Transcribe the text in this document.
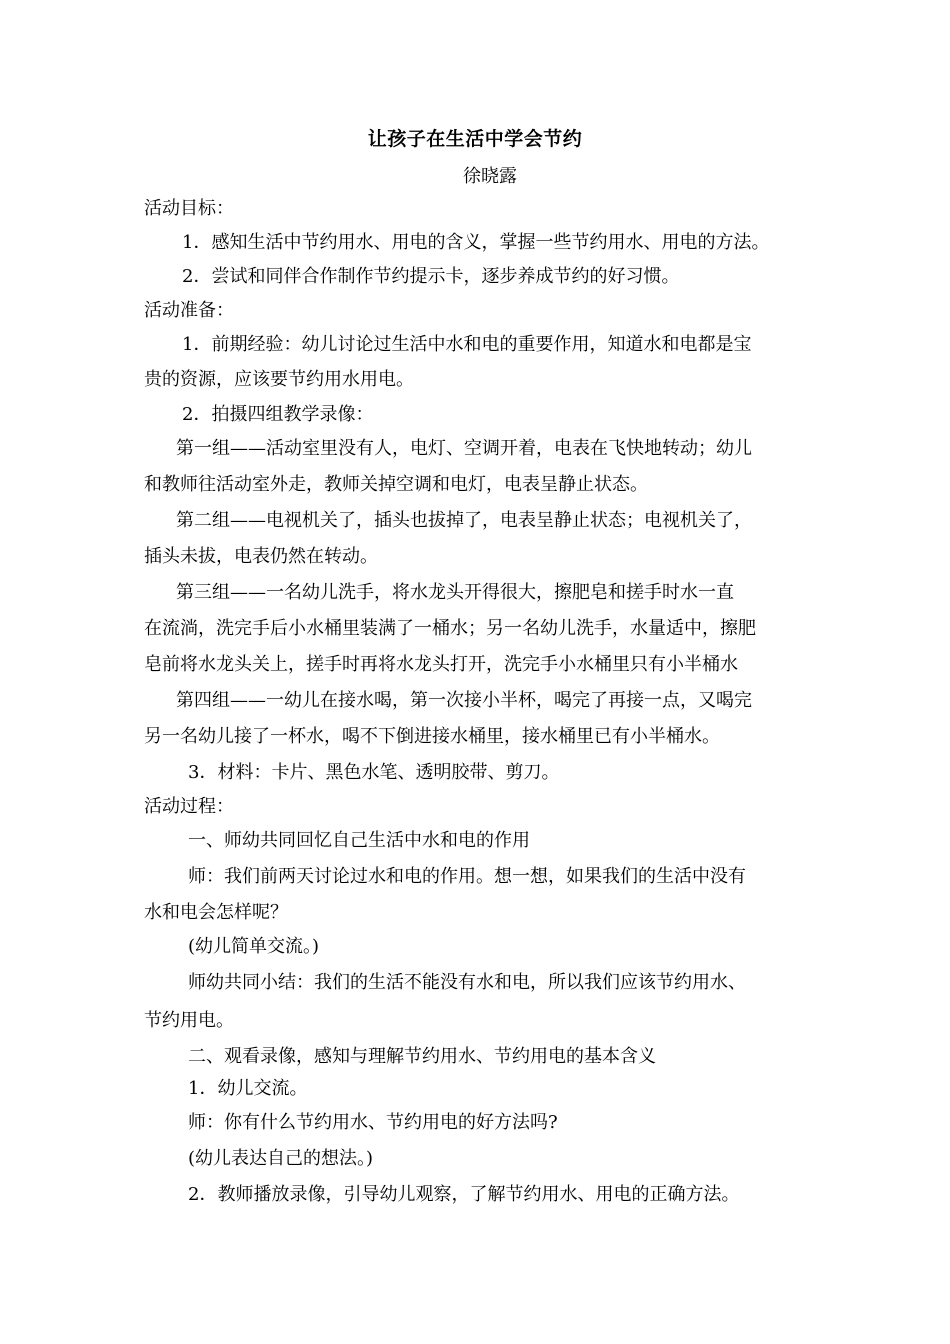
让孩子在生活中学会节约
徐晓露
活动目标：
1．感知生活中节约用水、用电的含义，掌握一些节约用水、用电的方法。
2．尝试和同伴合作制作节约提示卡，逐步养成节约的好习惯。
活动准备：
1．前期经验：幼儿讨论过生活中水和电的重要作用，知道水和电都是宝
贵的资源，应该要节约用水用电。
2．拍摄四组教学录像：
第一组——活动室里没有人，电灯、空调开着，电表在飞快地转动；幼儿
和教师往活动室外走，教师关掉空调和电灯，电表呈静止状态。
第二组——电视机关了，插头也拔掉了，电表呈静止状态；电视机关了，
插头未拔，电表仍然在转动。
第三组——一名幼儿洗手，将水龙头开得很大，擦肥皂和搓手时水一直
在流淌，洗完手后小水桶里装满了一桶水；另一名幼儿洗手，水量适中，擦肥
皂前将水龙头关上，搓手时再将水龙头打开，洗完手小水桶里只有小半桶水
第四组——一幼儿在接水喝，第一次接小半杯，喝完了再接一点，又喝完
另一名幼儿接了一杯水，喝不下倒进接水桶里，接水桶里已有小半桶水。
3．材料：卡片、黑色水笔、透明胶带、剪刀。
活动过程：
一、师幼共同回忆自己生活中水和电的作用
师：我们前两天讨论过水和电的作用。想一想，如果我们的生活中没有
水和电会怎样呢？
(幼儿简单交流。)
师幼共同小结：我们的生活不能没有水和电，所以我们应该节约用水、
节约用电。
二、观看录像，感知与理解节约用水、节约用电的基本含义
1．幼儿交流。
师：你有什么节约用水、节约用电的好方法吗?
(幼儿表达自己的想法。)
2．教师播放录像，引导幼儿观察，了解节约用水、用电的正确方法。
